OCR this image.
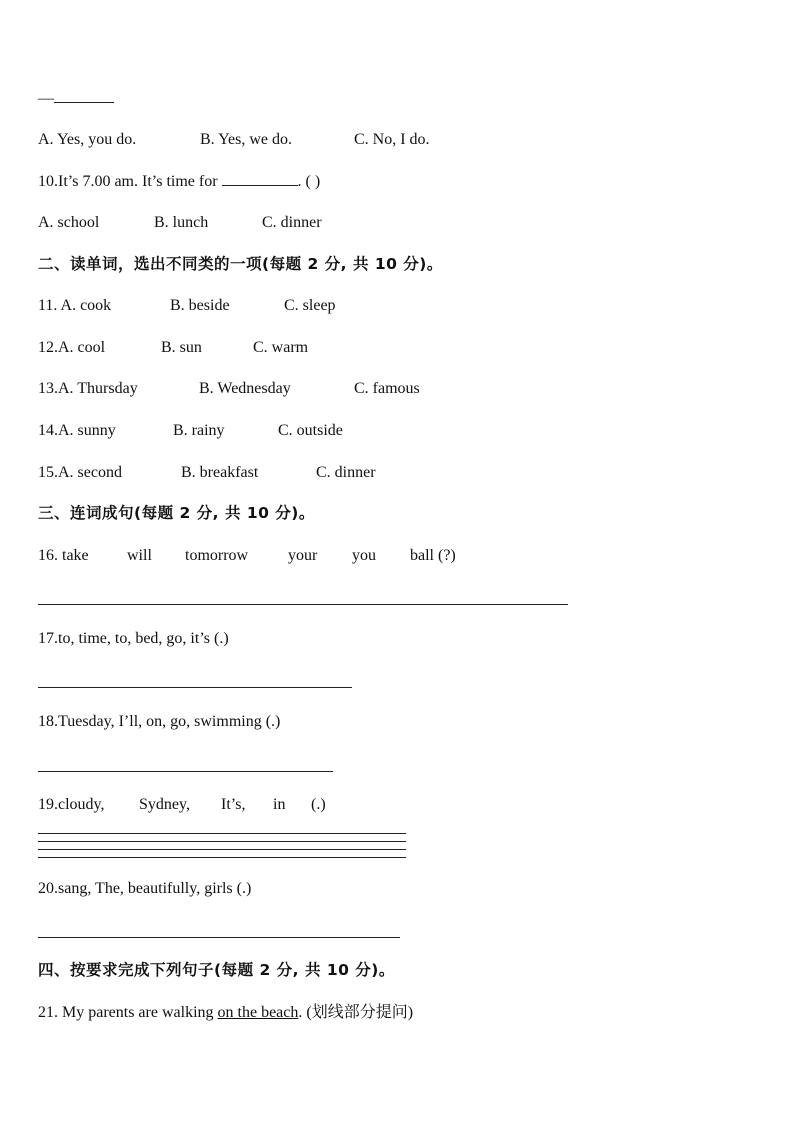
—
A. Yes, you do.	B. Yes, we do.	C. No, I do.
10.It’s 7.00 am. It’s time for	. ( )
A. school	B. lunch	C. dinner
二、读单词，选出不同类的一项(每题 2 分, 共 10 分)。
11. A. cook	B. beside	C. sleep
12.A. cool	B. sun	C. warm
13.A. Thursday	B. Wednesday	C. famous
14.A. sunny	B. rainy	C. outside
15.A. second	B. breakfast	C. dinner
三、连词成句(每题 2 分, 共 10 分)。
16. take will tomorrow your you ball (?)
17.to, time, to, bed, go, it’s (.)
18.Tuesday, I’ll, on, go, swimming (.)
19.cloudy, Sydney, It’s, in (.)
20.sang, The, beautifully, girls (.)
四、按要求完成下列句子(每题 2 分, 共 10 分)。
21. My parents are walking on the beach. (划线部分提问)
